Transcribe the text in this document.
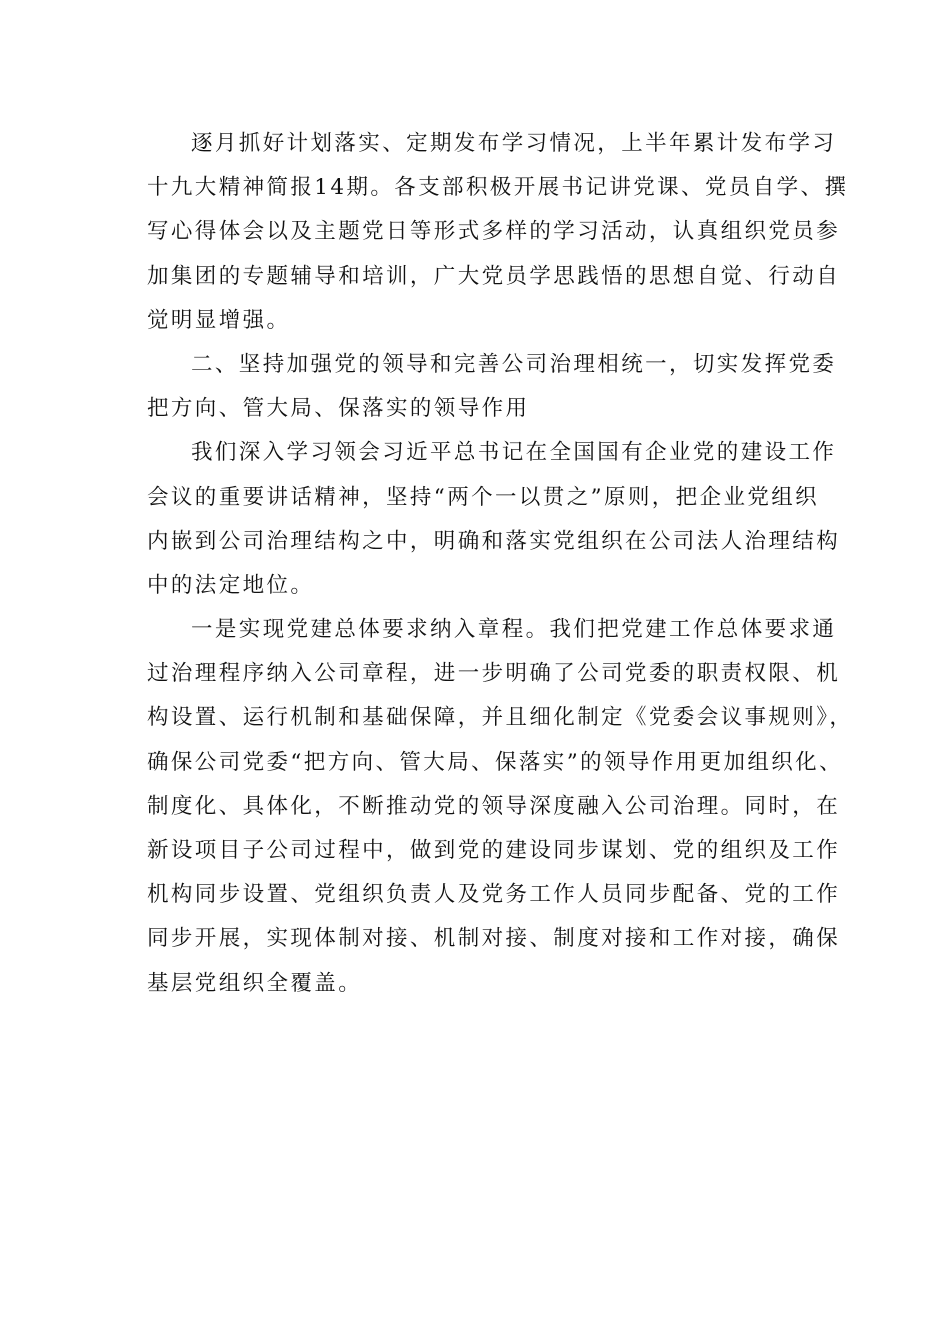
逐月抓好计划落实、定期发布学习情况，上半年累计发布学习
十九大精神简报14期。各支部积极开展书记讲党课、党员自学、撰
写心得体会以及主题党日等形式多样的学习活动，认真组织党员参
加集团的专题辅导和培训，广大党员学思践悟的思想自觉、行动自
觉明显增强。
二、坚持加强党的领导和完善公司治理相统一，切实发挥党委
把方向、管大局、保落实的领导作用
我们深入学习领会习近平总书记在全国国有企业党的建设工作
会议的重要讲话精神，坚持“两个一以贯之”原则，把企业党组织
内嵌到公司治理结构之中，明确和落实党组织在公司法人治理结构
中的法定地位。
一是实现党建总体要求纳入章程。我们把党建工作总体要求通
过治理程序纳入公司章程，进一步明确了公司党委的职责权限、机
构设置、运行机制和基础保障，并且细化制定《党委会议事规则》，
确保公司党委“把方向、管大局、保落实”的领导作用更加组织化、
制度化、具体化，不断推动党的领导深度融入公司治理。同时，在
新设项目子公司过程中，做到党的建设同步谋划、党的组织及工作
机构同步设置、党组织负责人及党务工作人员同步配备、党的工作
同步开展，实现体制对接、机制对接、制度对接和工作对接，确保
基层党组织全覆盖。
